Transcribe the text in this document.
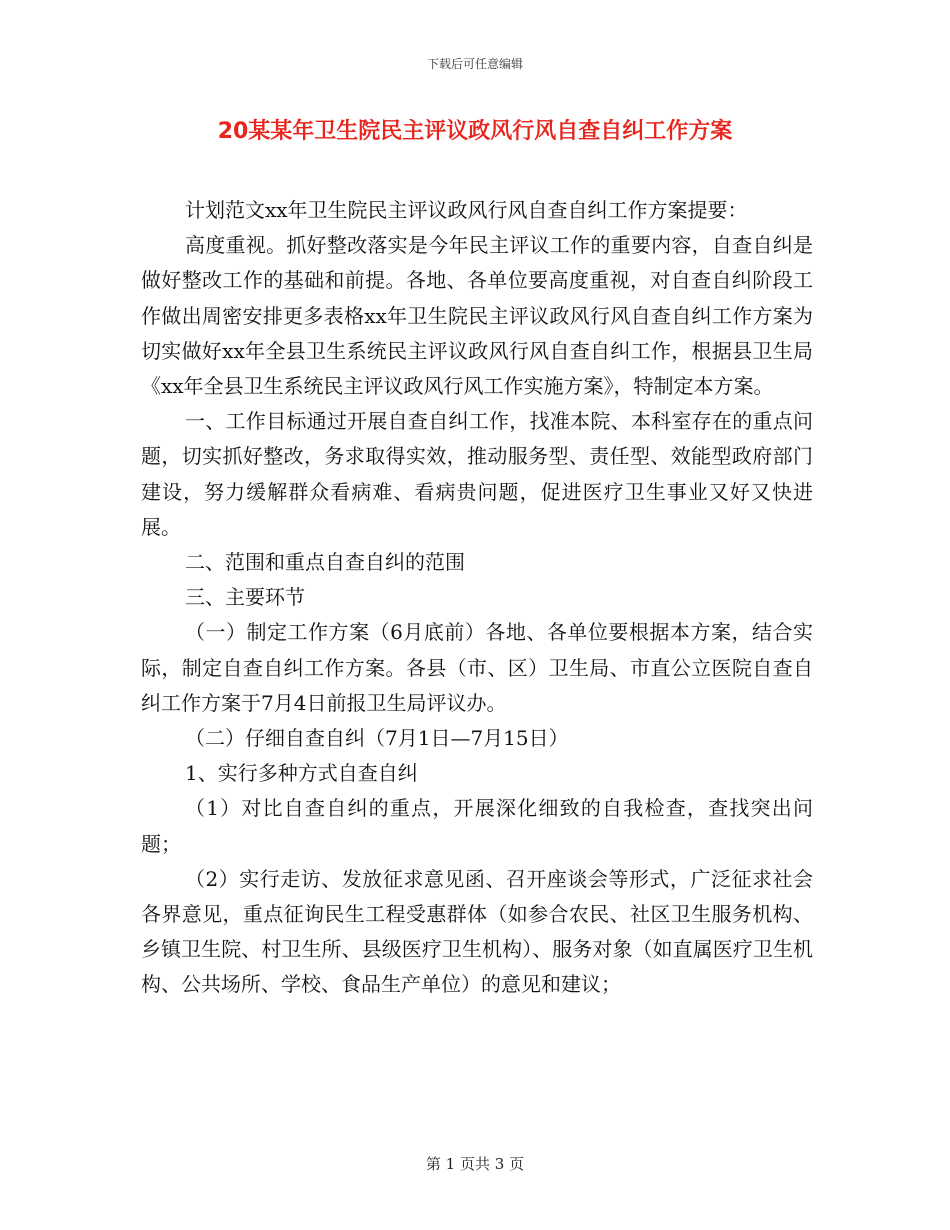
下载后可任意编辑
20某某年卫生院民主评议政风行风自查自纠工作方案

计划范文xx年卫生院民主评议政风行风自查自纠工作方案提要：

高度重视。抓好整改落实是今年民主评议工作的重要内容，自查自纠是做好整改工作的基础和前提。各地、各单位要高度重视，对自查自纠阶段工作做出周密安排更多表格xx年卫生院民主评议政风行风自查自纠工作方案为切实做好xx年全县卫生系统民主评议政风行风自查自纠工作，根据县卫生局《xx年全县卫生系统民主评议政风行风工作实施方案》，特制定本方案。

一、工作目标通过开展自查自纠工作，找准本院、本科室存在的重点问题，切实抓好整改，务求取得实效，推动服务型、责任型、效能型政府部门建设，努力缓解群众看病难、看病贵问题，促进医疗卫生事业又好又快进展。

二、范围和重点自查自纠的范围

三、主要环节

（一）制定工作方案（6月底前）各地、各单位要根据本方案，结合实际，制定自查自纠工作方案。各县（市、区）卫生局、市直公立医院自查自纠工作方案于7月4日前报卫生局评议办。

（二）仔细自查自纠（7月1日—7月15日）

1、实行多种方式自查自纠

（1）对比自查自纠的重点，开展深化细致的自我检查，查找突出问题；

（2）实行走访、发放征求意见函、召开座谈会等形式，广泛征求社会各界意见，重点征询民生工程受惠群体（如参合农民、社区卫生服务机构、乡镇卫生院、村卫生所、县级医疗卫生机构）、服务对象（如直属医疗卫生机构、公共场所、学校、食品生产单位）的意见和建议；

第 1 页共 3 页
